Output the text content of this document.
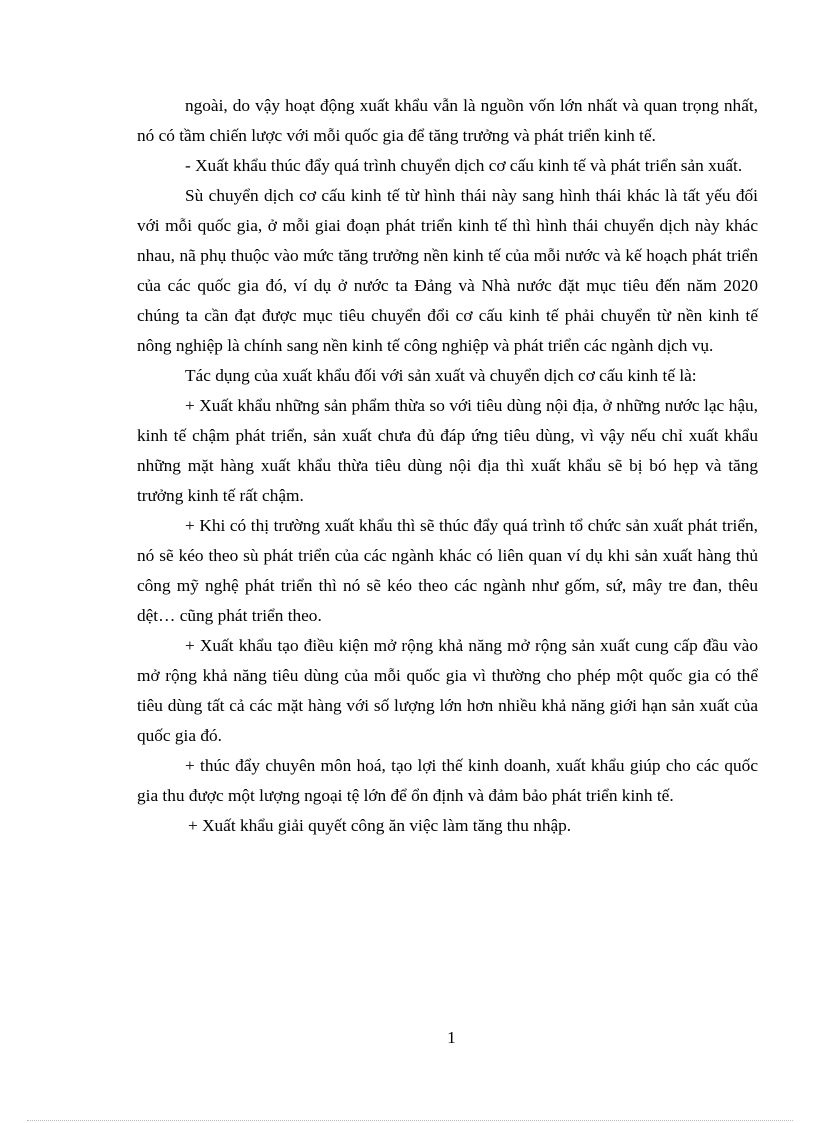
ngoài, do vậy hoạt động xuất khẩu vẫn là nguồn vốn lớn nhất và quan trọng nhất, nó có tầm chiến lược với mỗi quốc gia để tăng trưởng và phát triển kinh tế.

- Xuất khẩu thúc đẩy quá trình chuyển dịch cơ cấu kinh tế và phát triển sản xuất.

Sù chuyển dịch cơ cấu kinh tế từ hình thái này sang hình thái khác là tất yếu đối với mỗi quốc gia, ở mỗi giai đoạn phát triển kinh tế thì hình thái chuyển dịch này khác nhau, nã phụ thuộc vào mức tăng trưởng nền kinh tế của mỗi nước và kế hoạch phát triển của các quốc gia đó, ví dụ ở nước ta Đảng và Nhà nước đặt mục tiêu đến năm 2020 chúng ta cần đạt được mục tiêu chuyển đổi cơ cấu kinh tế phải chuyển từ nền kinh tế nông nghiệp là chính sang nền kinh tế công nghiệp và phát triển các ngành dịch vụ.

Tác dụng của xuất khẩu đối với sản xuất và chuyển dịch cơ cấu kinh tế là:

+ Xuất khẩu những sản phẩm thừa so với tiêu dùng nội địa, ở những nước lạc hậu, kinh tế chậm phát triển, sản xuất chưa đủ đáp ứng tiêu dùng, vì vậy nếu chỉ xuất khẩu những mặt hàng xuất khẩu thừa tiêu dùng nội địa thì xuất khẩu sẽ bị bó hẹp và tăng trưởng kinh tế rất chậm.

+ Khi có thị trường xuất khẩu thì sẽ thúc đẩy quá trình tổ chức sản xuất phát triển, nó sẽ kéo theo sù phát triển của các ngành khác có liên quan ví dụ khi sản xuất hàng thủ công mỹ nghệ phát triển thì nó sẽ kéo theo các ngành như gốm, sứ, mây tre đan, thêu dệt… cũng phát triển theo.

+ Xuất khẩu tạo điều kiện mở rộng khả năng mở rộng sản xuất cung cấp đầu vào mở rộng khả năng tiêu dùng của mỗi quốc gia vì thường cho phép một quốc gia có thể tiêu dùng tất cả các mặt hàng với số lượng lớn hơn nhiều khả năng giới hạn sản xuất của quốc gia đó.

+ thúc đẩy chuyên môn hoá, tạo lợi thế kinh doanh, xuất khẩu giúp cho các quốc gia thu được một lượng ngoại tệ lớn để ổn định và đảm bảo phát triển kinh tế.

+ Xuất khẩu giải quyết công ăn việc làm tăng thu nhập.

1
